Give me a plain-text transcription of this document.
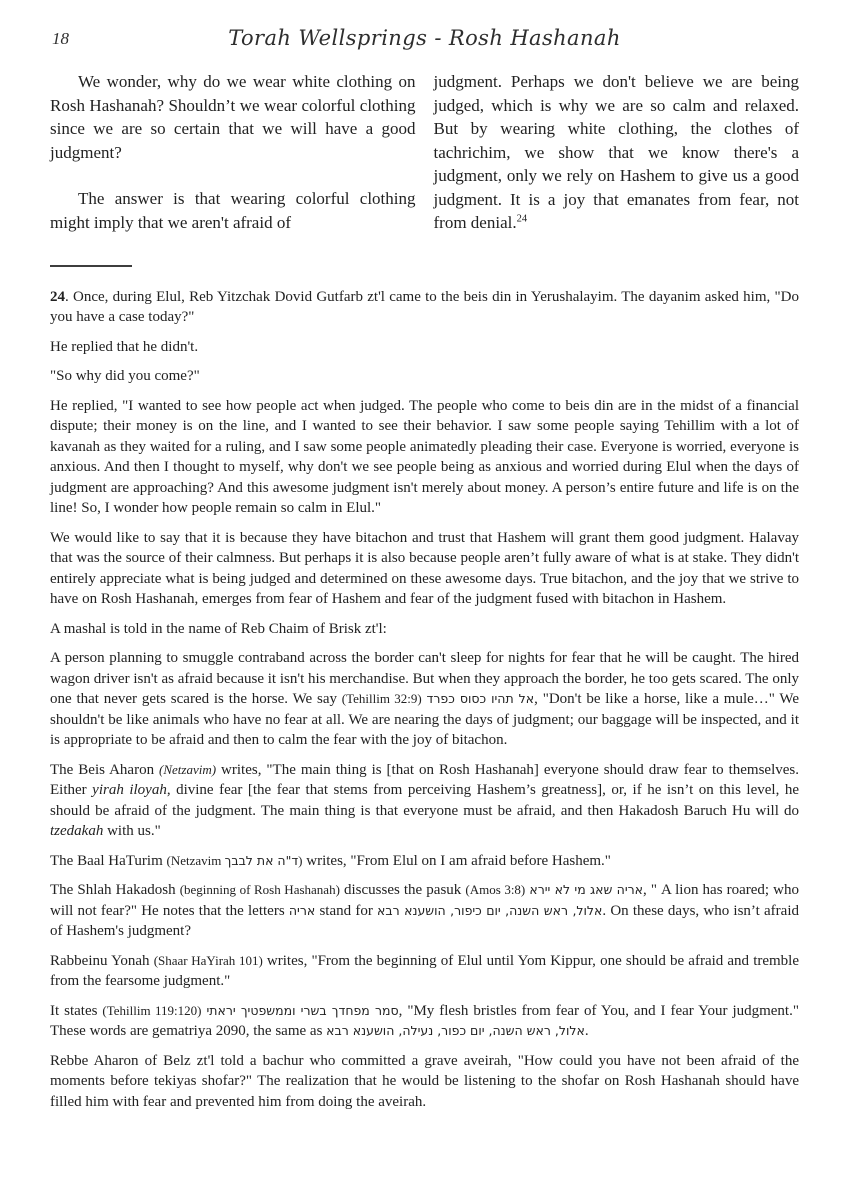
18	Torah Wellsprings - Rosh Hashanah

We wonder, why do we wear white clothing on Rosh Hashanah? Shouldn’t we wear colorful clothing since we are so certain that we will have a good judgment?

The answer is that wearing colorful clothing might imply that we aren't afraid of

judgment. Perhaps we don't believe we are being judged, which is why we are so calm and relaxed. But by wearing white clothing, the clothes of tachrichim, we show that we know there's a judgment, only we rely on Hashem to give us a good judgment. It is a joy that emanates from fear, not from denial.$^{24}$

24. Once, during Elul, Reb Yitzchak Dovid Gutfarb zt'l came to the beis din in Yerushalayim. The dayanim asked him, "Do you have a case today?"

He replied that he didn't.

"So why did you come?"

He replied, "I wanted to see how people act when judged. The people who come to beis din are in the midst of a financial dispute; their money is on the line, and I wanted to see their behavior. I saw some people saying Tehillim with a lot of kavanah as they waited for a ruling, and I saw some people animatedly pleading their case. Everyone is worried, everyone is anxious. And then I thought to myself, why don't we see people being as anxious and worried during Elul when the days of judgment are approaching? And this awesome judgment isn't merely about money. A person’s entire future and life is on the line! So, I wonder how people remain so calm in Elul."

We would like to say that it is because they have bitachon and trust that Hashem will grant them good judgment. Halavay that was the source of their calmness. But perhaps it is also because people aren’t fully aware of what is at stake. They didn't entirely appreciate what is being judged and determined on these awesome days. True bitachon, and the joy that we strive to have on Rosh Hashanah, emerges from fear of Hashem and fear of the judgment fused with bitachon in Hashem.

A mashal is told in the name of Reb Chaim of Brisk zt'l:

A person planning to smuggle contraband across the border can't sleep for nights for fear that he will be caught. The hired wagon driver isn't as afraid because it isn't his merchandise. But when they approach the border, he too gets scared. The only one that never gets scared is the horse. We say (Tehillim 32:9) אל תהיו כסוס כפרד, "Don't be like a horse, like a mule…" We shouldn't be like animals who have no fear at all. We are nearing the days of judgment; our baggage will be inspected, and it is appropriate to be afraid and then to calm the fear with the joy of bitachon.

The Beis Aharon (Netzavim) writes, "The main thing is [that on Rosh Hashanah] everyone should draw fear to themselves. Either yirah iloyah, divine fear [the fear that stems from perceiving Hashem’s greatness], or, if he isn’t on this level, he should be afraid of the judgment. The main thing is that everyone must be afraid, and then Hakadosh Baruch Hu will do tzedakah with us."

The Baal HaTurim (Netzavim ד"ה את לבבך) writes, "From Elul on I am afraid before Hashem."

The Shlah Hakadosh (beginning of Rosh Hashanah) discusses the pasuk (Amos 3:8) אריה שאג מי לא יירא, " A lion has roared; who will not fear?" He notes that the letters אריה stand for אלול, ראש השנה, יום כיפור, הושענא רבא. On these days, who isn’t afraid of Hashem's judgment?

Rabbeinu Yonah (Shaar HaYirah 101) writes, "From the beginning of Elul until Yom Kippur, one should be afraid and tremble from the fearsome judgment."

It states (Tehillim 119:120) סמר מפחדך בשרי וממשפטיך יראתי, "My flesh bristles from fear of You, and I fear Your judgment." These words are gematriya 2090, the same as אלול, ראש השנה, יום כפור, נעילה, הושענא רבא.

Rebbe Aharon of Belz zt'l told a bachur who committed a grave aveirah, "How could you have not been afraid of the moments before tekiyas shofar?" The realization that he would be listening to the shofar on Rosh Hashanah should have filled him with fear and prevented him from doing the aveirah.
